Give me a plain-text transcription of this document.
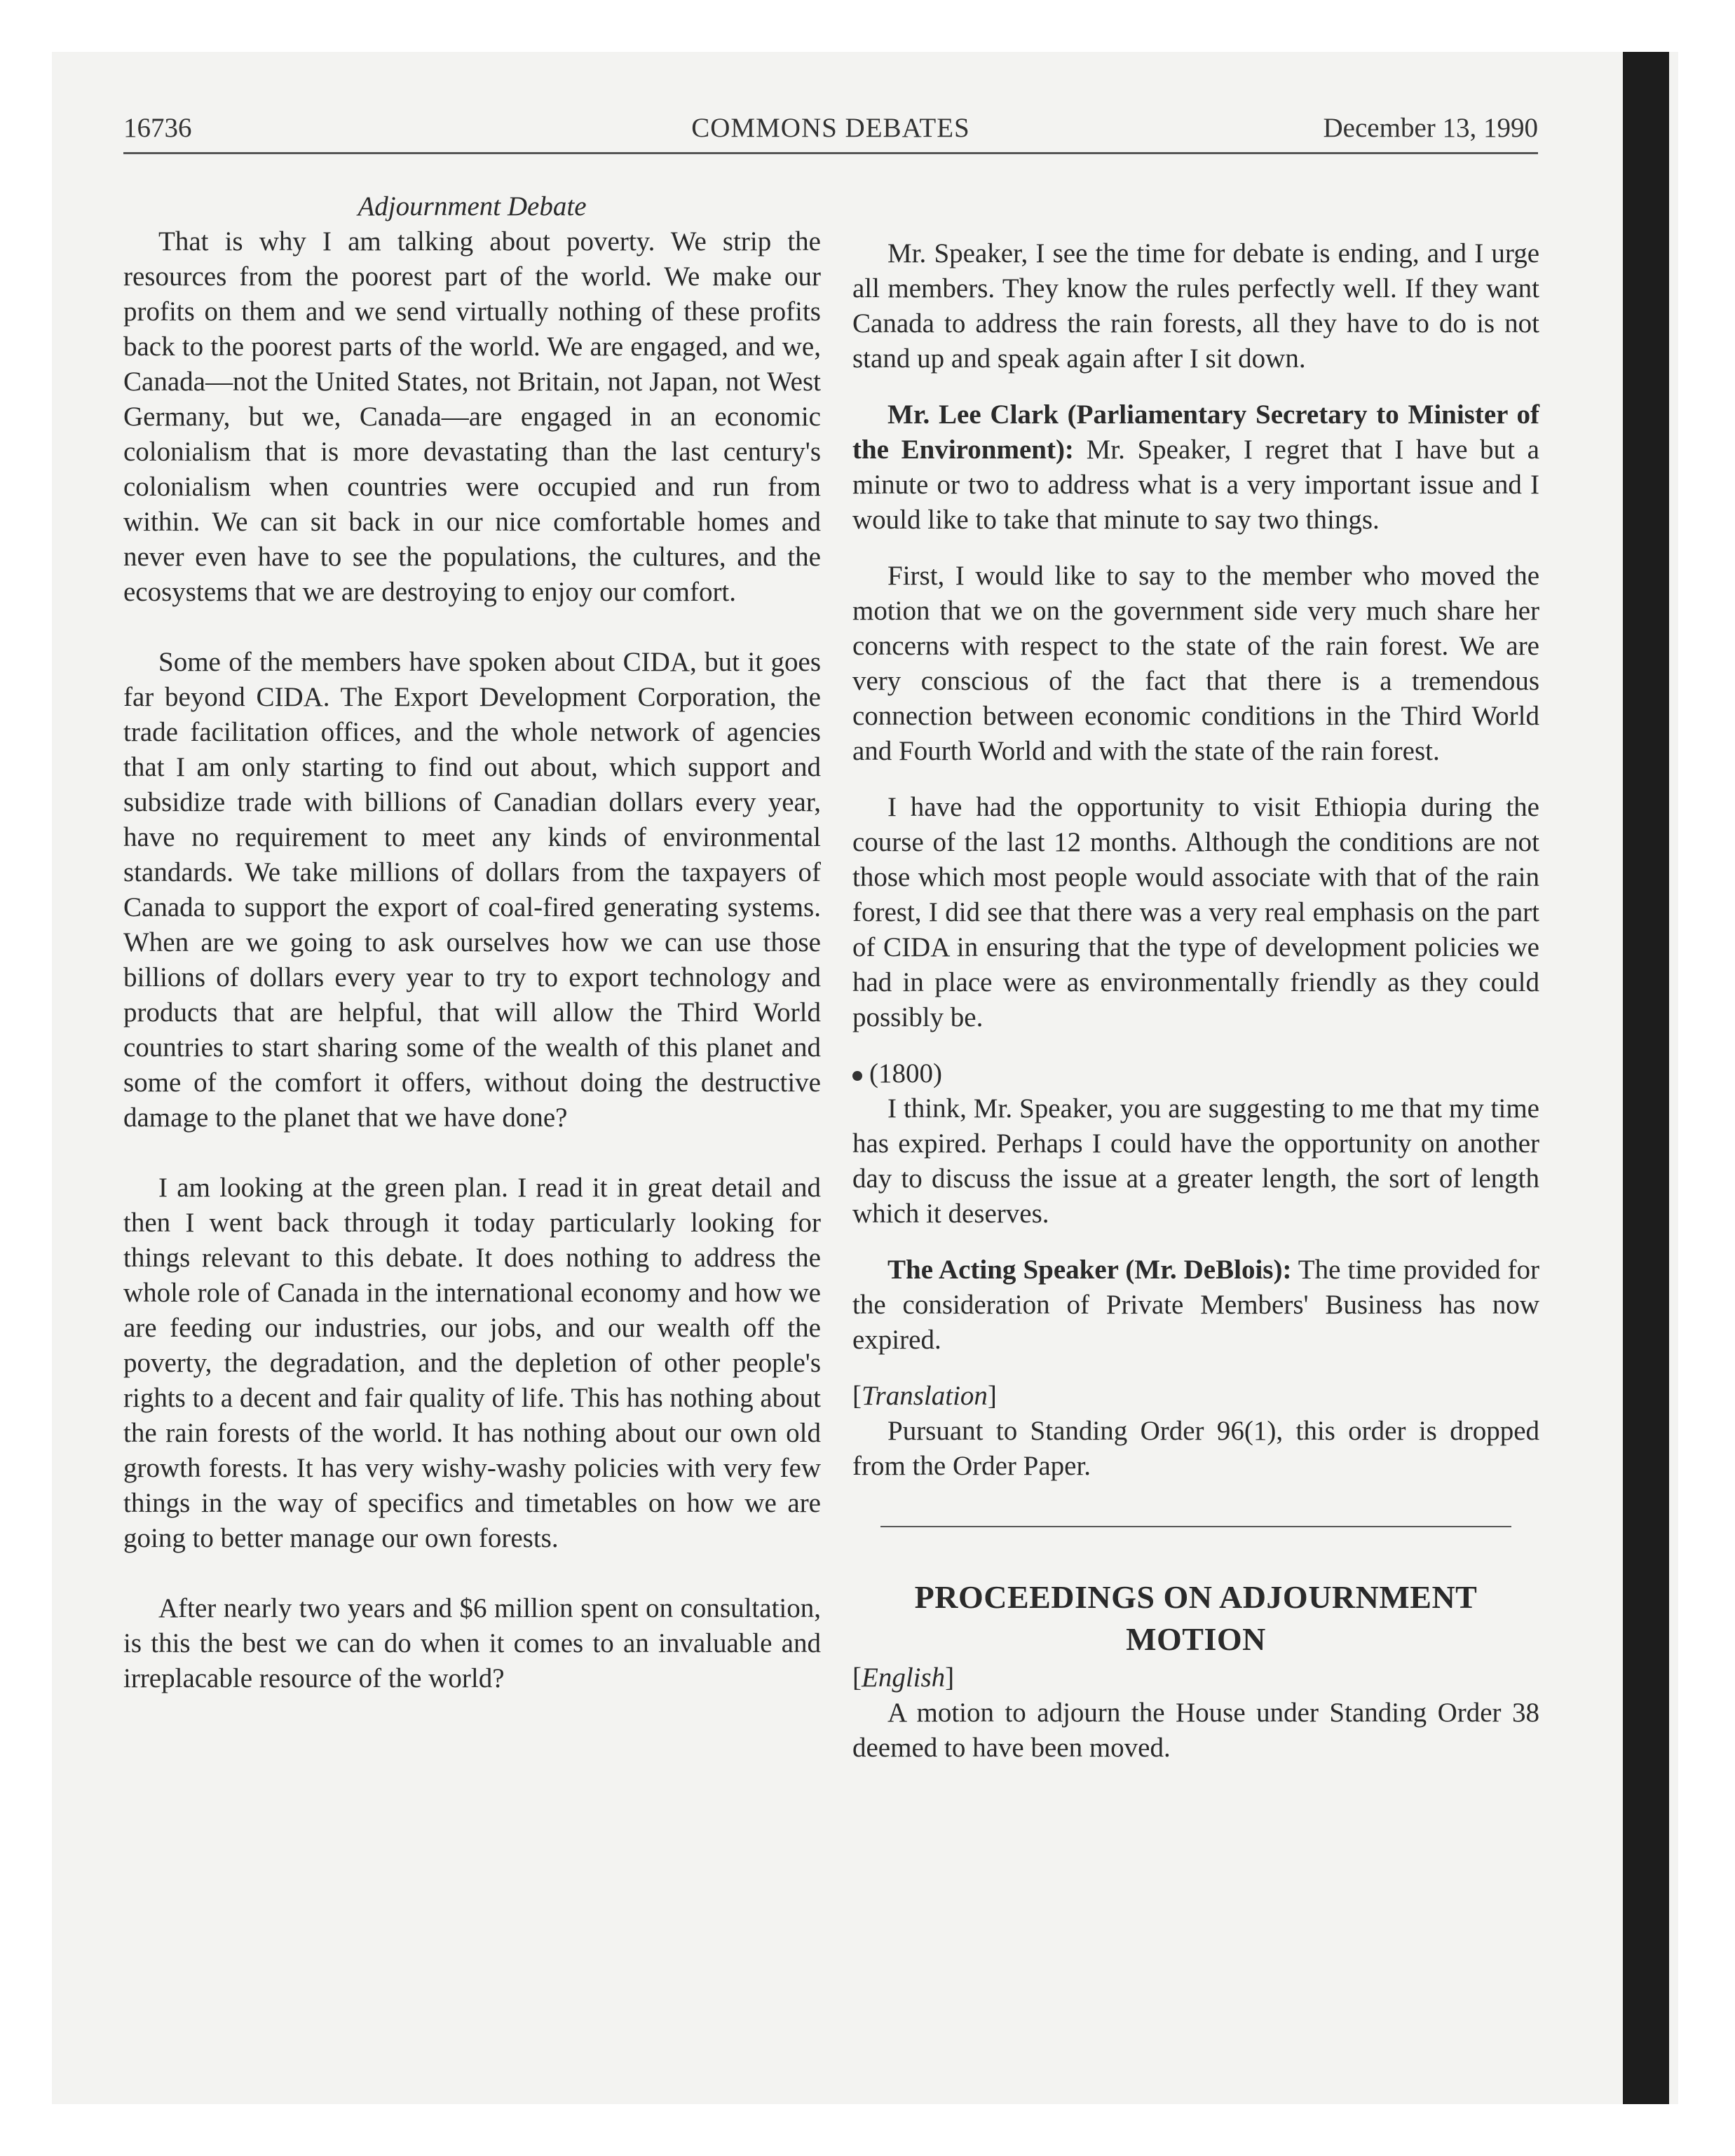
16736	COMMONS DEBATES	December 13, 1990

Adjournment Debate

That is why I am talking about poverty. We strip the resources from the poorest part of the world. We make our profits on them and we send virtually nothing of these profits back to the poorest parts of the world. We are engaged, and we, Canada—not the United States, not Britain, not Japan, not West Germany, but we, Canada—are engaged in an economic colonialism that is more devastating than the last century's colonialism when countries were occupied and run from within. We can sit back in our nice comfortable homes and never even have to see the populations, the cultures, and the ecosystems that we are destroying to enjoy our comfort.

Some of the members have spoken about CIDA, but it goes far beyond CIDA. The Export Development Corporation, the trade facilitation offices, and the whole network of agencies that I am only starting to find out about, which support and subsidize trade with billions of Canadian dollars every year, have no requirement to meet any kinds of environmental standards. We take millions of dollars from the taxpayers of Canada to support the export of coal-fired generating systems. When are we going to ask ourselves how we can use those billions of dollars every year to try to export technology and products that are helpful, that will allow the Third World countries to start sharing some of the wealth of this planet and some of the comfort it offers, without doing the destructive damage to the planet that we have done?

I am looking at the green plan. I read it in great detail and then I went back through it today particularly looking for things relevant to this debate. It does nothing to address the whole role of Canada in the international economy and how we are feeding our industries, our jobs, and our wealth off the poverty, the degradation, and the depletion of other people's rights to a decent and fair quality of life. This has nothing about the rain forests of the world. It has nothing about our own old growth forests. It has very wishy-washy policies with very few things in the way of specifics and timetables on how we are going to better manage our own forests.

After nearly two years and $6 million spent on consultation, is this the best we can do when it comes to an invaluable and irreplacable resource of the world?

Mr. Speaker, I see the time for debate is ending, and I urge all members. They know the rules perfectly well. If they want Canada to address the rain forests, all they have to do is not stand up and speak again after I sit down.

Mr. Lee Clark (Parliamentary Secretary to Minister of the Environment): Mr. Speaker, I regret that I have but a minute or two to address what is a very important issue and I would like to take that minute to say two things.

First, I would like to say to the member who moved the motion that we on the government side very much share her concerns with respect to the state of the rain forest. We are very conscious of the fact that there is a tremendous connection between economic conditions in the Third World and Fourth World and with the state of the rain forest.

I have had the opportunity to visit Ethiopia during the course of the last 12 months. Although the conditions are not those which most people would associate with that of the rain forest, I did see that there was a very real emphasis on the part of CIDA in ensuring that the type of development policies we had in place were as environmentally friendly as they could possibly be.

(1800)

I think, Mr. Speaker, you are suggesting to me that my time has expired. Perhaps I could have the opportunity on another day to discuss the issue at a greater length, the sort of length which it deserves.

The Acting Speaker (Mr. DeBlois): The time provided for the consideration of Private Members' Business has now expired.

[Translation]

Pursuant to Standing Order 96(1), this order is dropped from the Order Paper.

PROCEEDINGS ON ADJOURNMENT MOTION

[English]

A motion to adjourn the House under Standing Order 38 deemed to have been moved.
